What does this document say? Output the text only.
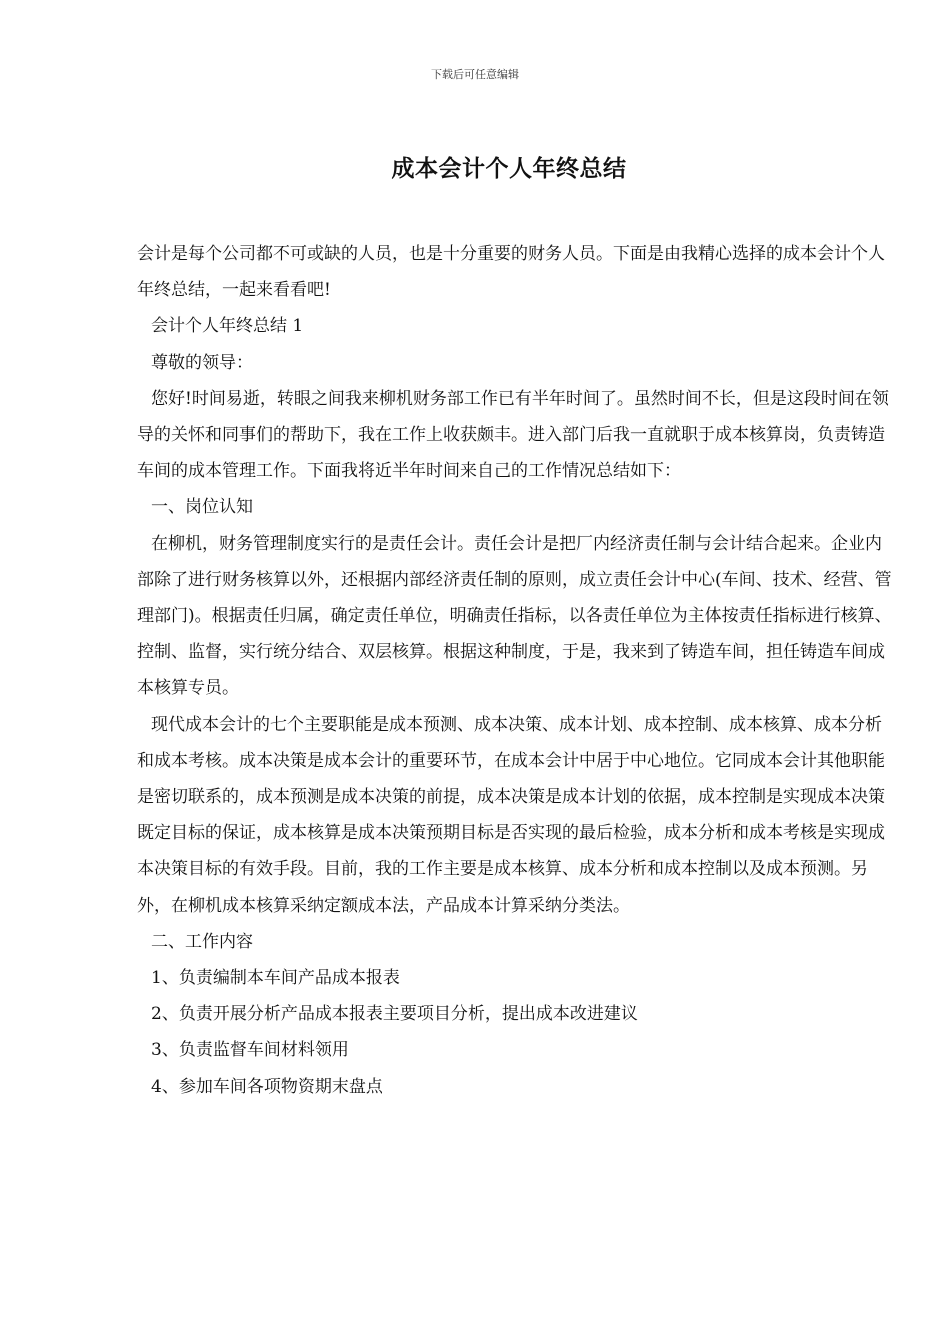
下载后可任意编辑
成本会计个人年终总结

会计是每个公司都不可或缺的人员，也是十分重要的财务人员。下面是由我精心选择的成本会计个人年终总结，一起来看看吧!

会计个人年终总结 1

尊敬的领导：

您好!时间易逝，转眼之间我来柳机财务部工作已有半年时间了。虽然时间不长，但是这段时间在领导的关怀和同事们的帮助下，我在工作上收获颇丰。进入部门后我一直就职于成本核算岗，负责铸造车间的成本管理工作。下面我将近半年时间来自己的工作情况总结如下：

一、岗位认知

在柳机，财务管理制度实行的是责任会计。责任会计是把厂内经济责任制与会计结合起来。企业内部除了进行财务核算以外，还根据内部经济责任制的原则，成立责任会计中心(车间、技术、经营、管理部门)。根据责任归属，确定责任单位，明确责任指标，以各责任单位为主体按责任指标进行核算、控制、监督，实行统分结合、双层核算。根据这种制度，于是，我来到了铸造车间，担任铸造车间成本核算专员。

现代成本会计的七个主要职能是成本预测、成本决策、成本计划、成本控制、成本核算、成本分析和成本考核。成本决策是成本会计的重要环节，在成本会计中居于中心地位。它同成本会计其他职能是密切联系的，成本预测是成本决策的前提，成本决策是成本计划的依据，成本控制是实现成本决策既定目标的保证，成本核算是成本决策预期目标是否实现的最后检验，成本分析和成本考核是实现成本决策目标的有效手段。目前，我的工作主要是成本核算、成本分析和成本控制以及成本预测。另外，在柳机成本核算采纳定额成本法，产品成本计算采纳分类法。

二、工作内容

1、负责编制本车间产品成本报表

2、负责开展分析产品成本报表主要项目分析，提出成本改进建议

3、负责监督车间材料领用

4、参加车间各项物资期末盘点
